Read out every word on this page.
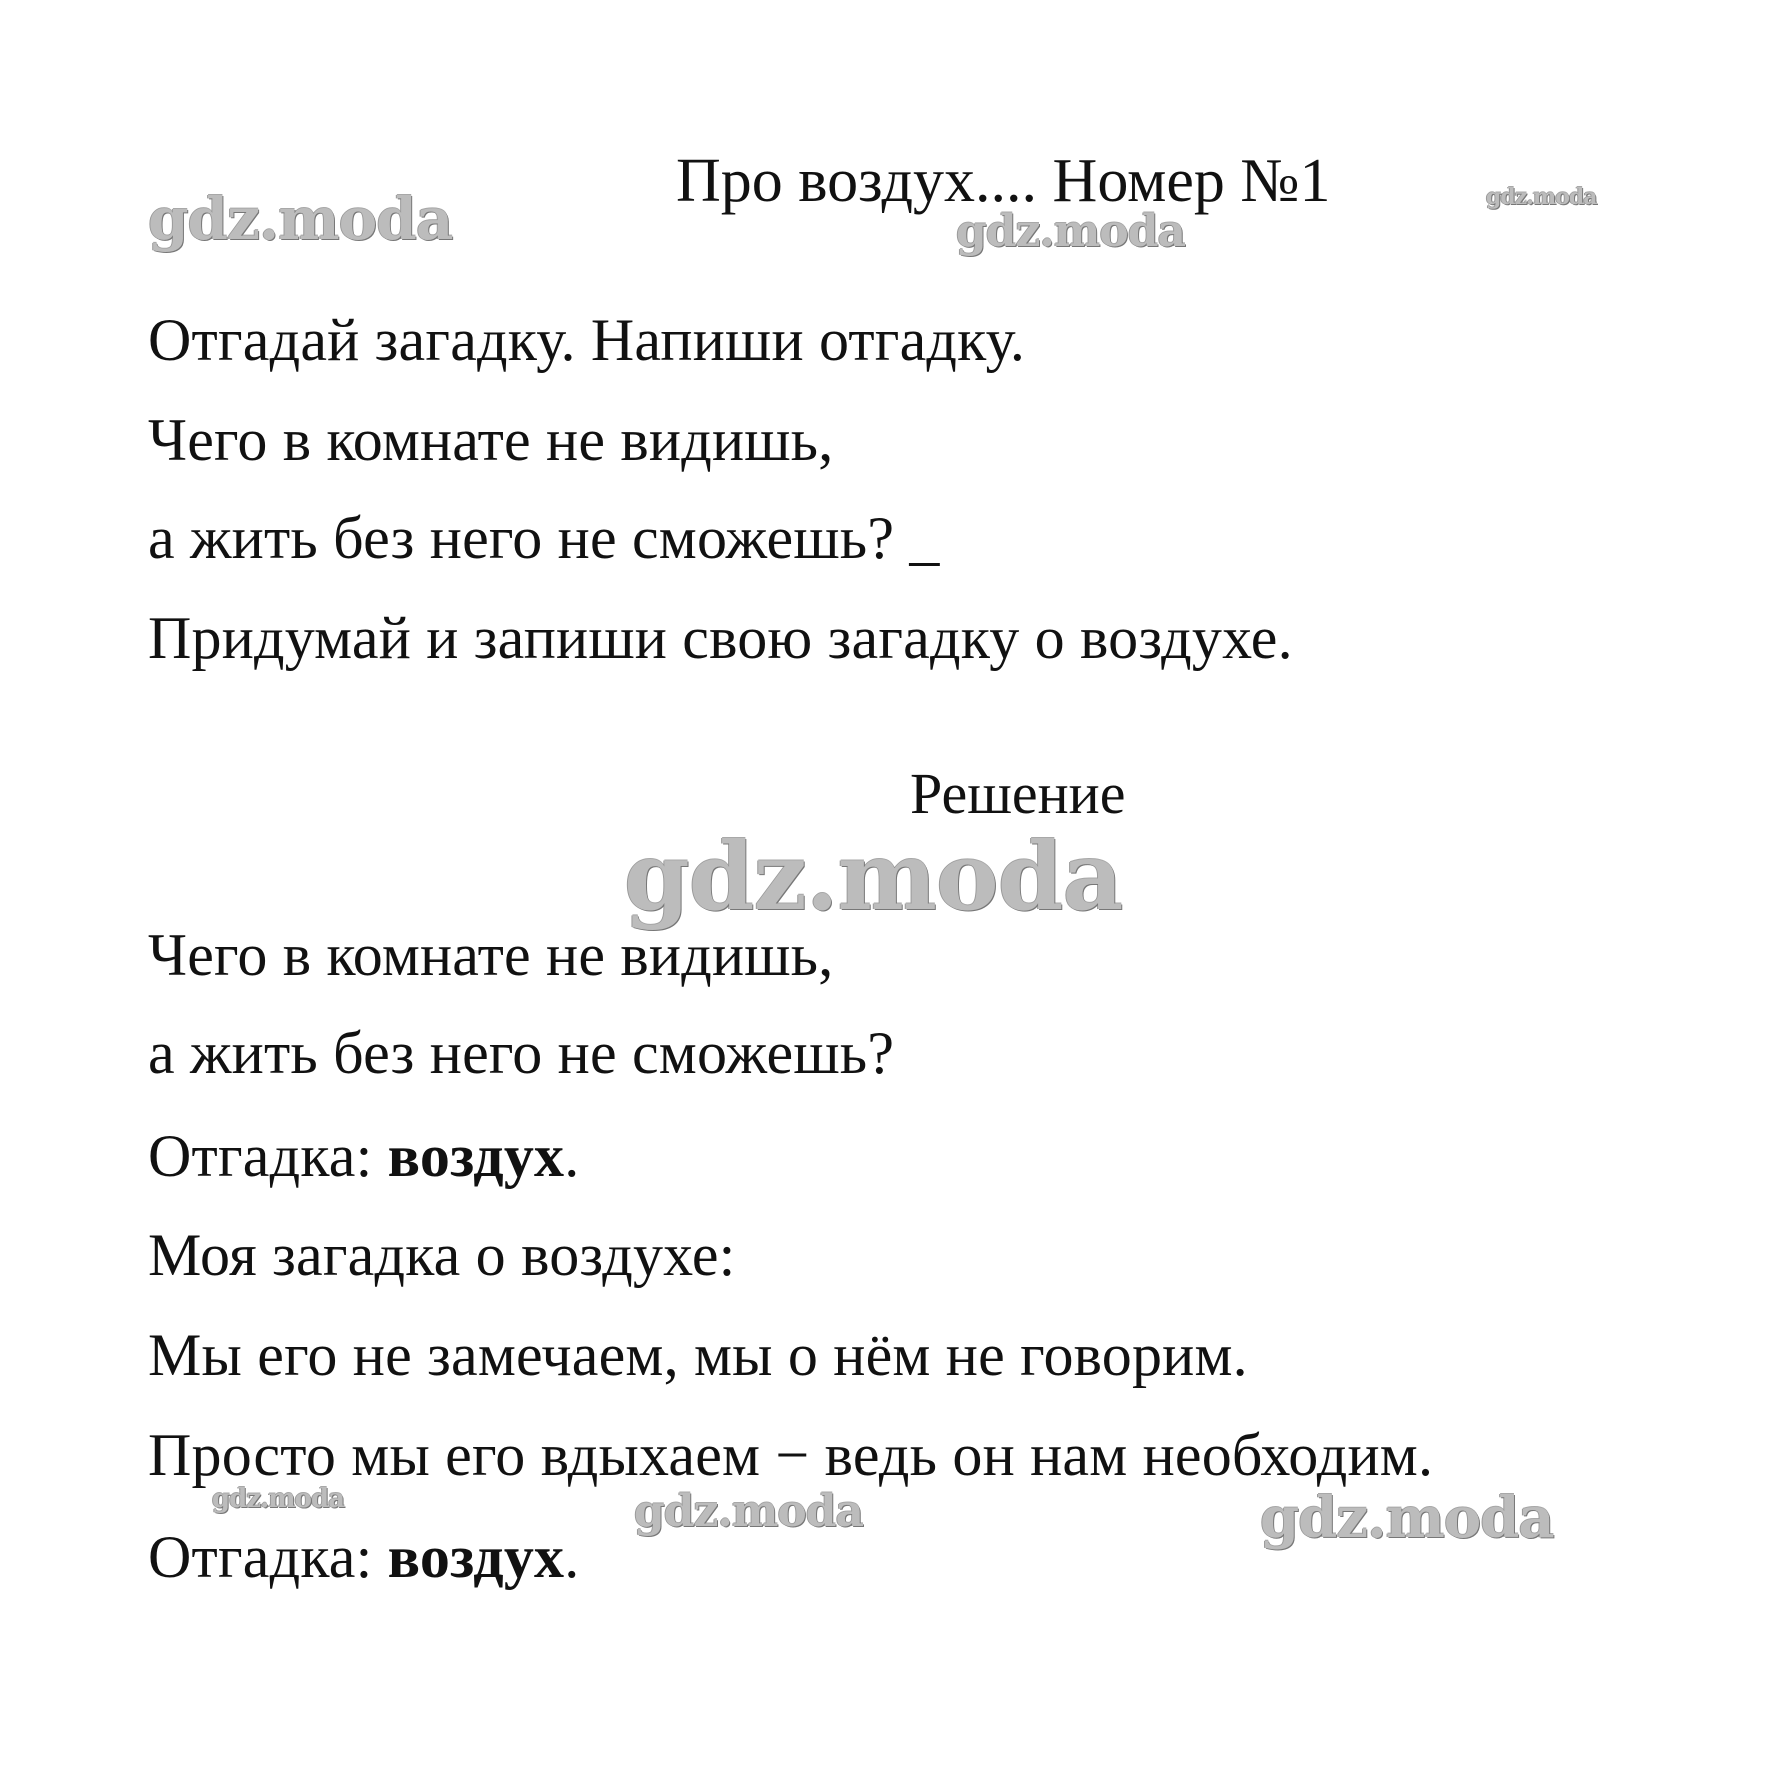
gdz.moda	gdz.moda
gdz.moda
gdz.moda
gdz.moda	gdz.moda	gdz.moda
Про воздух.... Номер №1
Отгадай загадку. Напиши отгадку.
Чего в комнате не видишь,
а жить без него не сможешь? _
Придумай и запиши свою загадку о воздухе.
Решение
Чего в комнате не видишь,
а жить без него не сможешь?
Отгадка: воздух.
Моя загадка о воздухе:
Мы его не замечаем, мы о нём не говорим.
Просто мы его вдыхаем − ведь он нам необходим.
Отгадка: воздух.
